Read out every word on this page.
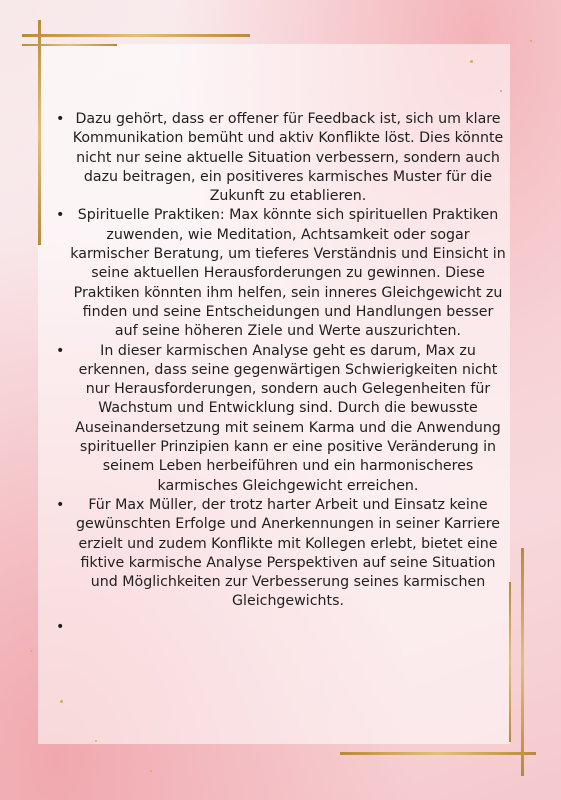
• Dazu gehört, dass er offener für Feedback ist, sich um klare Kommunikation bemüht und aktiv Konflikte löst. Dies könnte nicht nur seine aktuelle Situation verbessern, sondern auch dazu beitragen, ein positiveres karmisches Muster für die Zukunft zu etablieren.
• Spirituelle Praktiken: Max könnte sich spirituellen Praktiken zuwenden, wie Meditation, Achtsamkeit oder sogar karmischer Beratung, um tieferes Verständnis und Einsicht in seine aktuellen Herausforderungen zu gewinnen. Diese Praktiken könnten ihm helfen, sein inneres Gleichgewicht zu finden und seine Entscheidungen und Handlungen besser auf seine höheren Ziele und Werte auszurichten.
•	In dieser karmischen Analyse geht es darum, Max zu erkennen, dass seine gegenwärtigen Schwierigkeiten nicht nur Herausforderungen, sondern auch Gelegenheiten für Wachstum und Entwicklung sind. Durch die bewusste Auseinandersetzung mit seinem Karma und die Anwendung spiritueller Prinzipien kann er eine positive Veränderung in seinem Leben herbeiführen und ein harmonischeres karmisches Gleichgewicht erreichen.
• Für Max Müller, der trotz harter Arbeit und Einsatz keine gewünschten Erfolge und Anerkennungen in seiner Karriere erzielt und zudem Konflikte mit Kollegen erlebt, bietet eine fiktive karmische Analyse Perspektiven auf seine Situation und Möglichkeiten zur Verbesserung seines karmischen Gleichgewichts.
•
